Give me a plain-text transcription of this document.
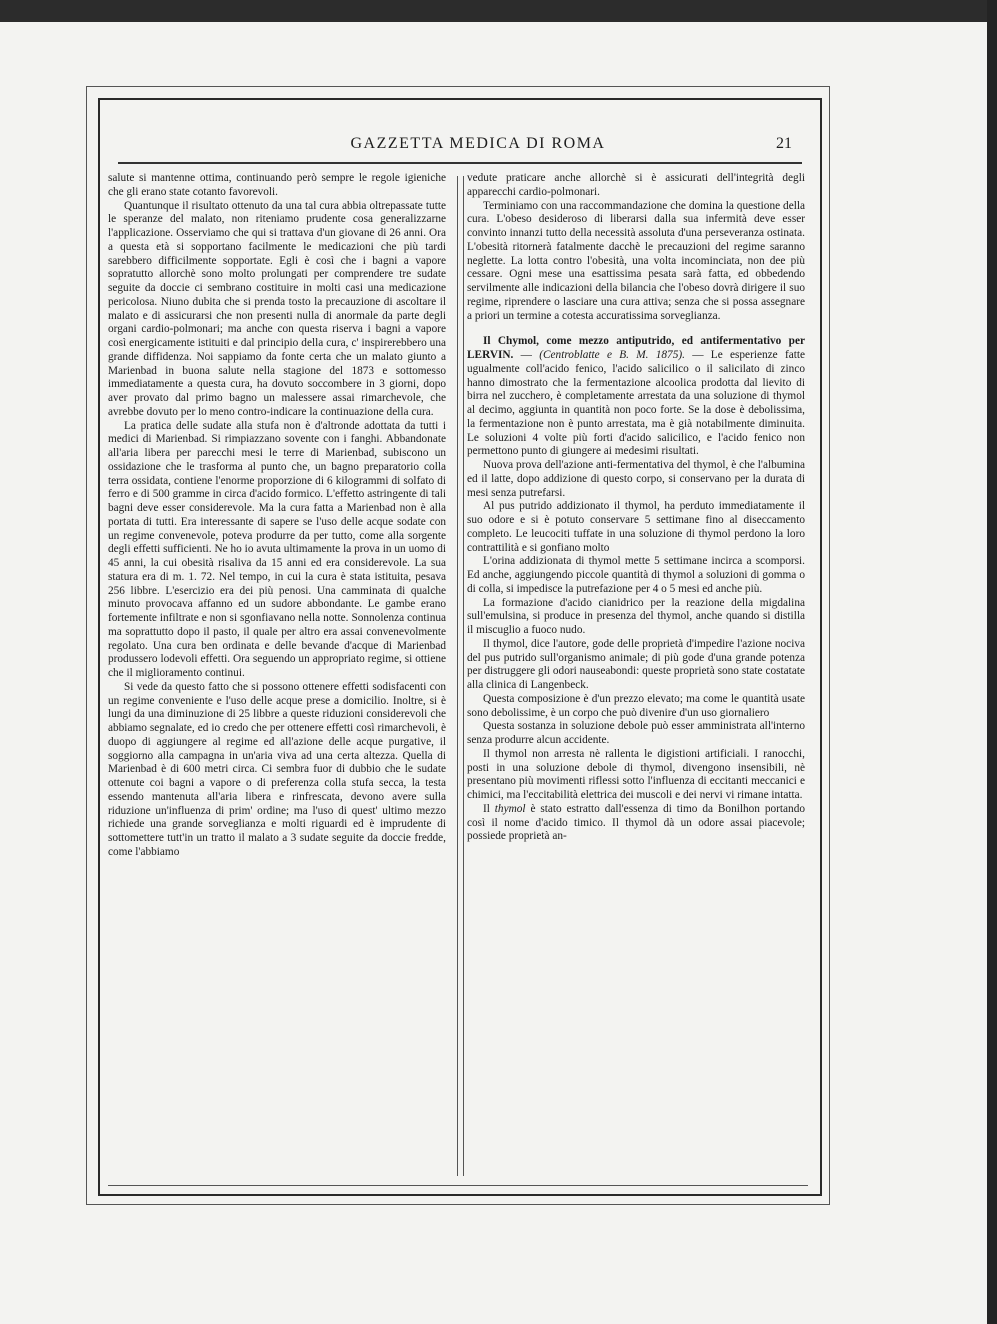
GAZZETTA MEDICA DI ROMA	21

salute si mantenne ottima, continuando però sempre le regole igieniche che gli erano state cotanto favorevoli.

Quantunque il risultato ottenuto da una tal cura abbia oltrepassate tutte le speranze del malato, non riteniamo prudente cosa generalizzarne l'applicazione. Osserviamo che qui si trattava d'un giovane di 26 anni. Ora a questa età si sopportano facilmente le medicazioni che più tardi sarebbero difficilmente sopportate. Egli è così che i bagni a vapore sopratutto allorchè sono molto prolungati per comprendere tre sudate seguite da doccie ci sembrano costituire in molti casi una medicazione pericolosa. Niuno dubita che si prenda tosto la precauzione di ascoltare il malato e di assicurarsi che non presenti nulla di anormale da parte degli organi cardio-polmonari; ma anche con questa riserva i bagni a vapore così energicamente istituiti e dal principio della cura, c' inspirerebbero una grande diffidenza. Noi sappiamo da fonte certa che un malato giunto a Marienbad in buona salute nella stagione del 1873 e sottomesso immediatamente a questa cura, ha dovuto soccombere in 3 giorni, dopo aver provato dal primo bagno un malessere assai rimarchevole, che avrebbe dovuto per lo meno contro-indicare la continuazione della cura.

La pratica delle sudate alla stufa non è d'altronde adottata da tutti i medici di Marienbad. Si rimpiazzano sovente con i fanghi. Abbandonate all'aria libera per parecchi mesi le terre di Marienbad, subiscono un ossidazione che le trasforma al punto che, un bagno preparatorio colla terra ossidata, contiene l'enorme proporzione di 6 kilogrammi di solfato di ferro e di 500 gramme in circa d'acido formico. L'effetto astringente di tali bagni deve esser considerevole. Ma la cura fatta a Marienbad non è alla portata di tutti. Era interessante di sapere se l'uso delle acque sodate con un regime convenevole, poteva produrre da per tutto, come alla sorgente degli effetti sufficienti. Ne ho io avuta ultimamente la prova in un uomo di 45 anni, la cui obesità risaliva da 15 anni ed era considerevole. La sua statura era di m. 1. 72. Nel tempo, in cui la cura è stata istituita, pesava 256 libbre. L'esercizio era dei più penosi. Una camminata di qualche minuto provocava affanno ed un sudore abbondante. Le gambe erano fortemente infiltrate e non si sgonfiavano nella notte. Sonnolenza continua ma soprattutto dopo il pasto, il quale per altro era assai convenevolmente regolato. Una cura ben ordinata e delle bevande d'acque di Marienbad produssero lodevoli effetti. Ora seguendo un appropriato regime, si ottiene che il miglioramento continui.

Si vede da questo fatto che si possono ottenere effetti sodisfacenti con un regime conveniente e l'uso delle acque prese a domicilio. Inoltre, si è lungi da una diminuzione di 25 libbre a queste riduzioni considerevoli che abbiamo segnalate, ed io credo che per ottenere effetti così rimarchevoli, è duopo di aggiungere al regime ed all'azione delle acque purgative, il soggiorno alla campagna in un'aria viva ad una certa altezza. Quella di Marienbad è di 600 metri circa. Ci sembra fuor di dubbio che le sudate ottenute coi bagni a vapore o di preferenza colla stufa secca, la testa essendo mantenuta all'aria libera e rinfrescata, devono avere sulla riduzione un'influenza di prim' ordine; ma l'uso di quest' ultimo mezzo richiede una grande sorveglianza e molti riguardi ed è imprudente di sottomettere tutt'in un tratto il malato a 3 sudate seguite da doccie fredde, come l'abbiamo

vedute praticare anche allorchè si è assicurati dell'integrità degli apparecchi cardio-polmonari.

Terminiamo con una raccommandazione che domina la questione della cura. L'obeso desideroso di liberarsi dalla sua infermità deve esser convinto innanzi tutto della necessità assoluta d'una perseveranza ostinata. L'obesità ritornerà fatalmente dacchè le precauzioni del regime saranno neglette. La lotta contro l'obesità, una volta incominciata, non dee più cessare. Ogni mese una esattissima pesata sarà fatta, ed obbedendo servilmente alle indicazioni della bilancia che l'obeso dovrà dirigere il suo regime, riprendere o lasciare una cura attiva; senza che si possa assegnare a priori un termine a cotesta accuratissima sorveglianza.

Il Chymol, come mezzo antiputrido, ed antifermentativo per LERVIN. — (Centroblatte e B. M. 1875). — Le esperienze fatte ugualmente coll'acido fenico, l'acido salicilico o il salicilato di zinco hanno dimostrato che la fermentazione alcoolica prodotta dal lievito di birra nel zucchero, è completamente arrestata da una soluzione di thymol al decimo, aggiunta in quantità non poco forte. Se la dose è debolissima, la fermentazione non è punto arrestata, ma è già notabilmente diminuita. Le soluzioni 4 volte più forti d'acido salicilico, e l'acido fenico non permettono punto di giungere ai medesimi risultati.

Nuova prova dell'azione anti-fermentativa del thymol, è che l'albumina ed il latte, dopo addizione di questo corpo, si conservano per la durata di mesi senza putrefarsi.

Al pus putrido addizionato il thymol, ha perduto immediatamente il suo odore e si è potuto conservare 5 settimane fino al diseccamento completo. Le leucociti tuffate in una soluzione di thymol perdono la loro contrattilità e si gonfiano molto

L'orina addizionata di thymol mette 5 settimane incirca a scomporsi. Ed anche, aggiungendo piccole quantità di thymol a soluzioni di gomma o di colla, si impedisce la putrefazione per 4 o 5 mesi ed anche più.

La formazione d'acido cianidrico per la reazione della migdalina sull'emulsina, si produce in presenza del thymol, anche quando si distilla il miscuglio a fuoco nudo.

Il thymol, dice l'autore, gode delle proprietà d'impedire l'azione nociva del pus putrido sull'organismo animale; di più gode d'una grande potenza per distruggere gli odori nauseabondi: queste proprietà sono state costatate alla clinica di Langenbeck.

Questa composizione è d'un prezzo elevato; ma come le quantità usate sono debolissime, è un corpo che può divenire d'un uso giornaliero

Questa sostanza in soluzione debole può esser amministrata all'interno senza produrre alcun accidente.

Il thymol non arresta nè rallenta le digistioni artificiali. I ranocchi, posti in una soluzione debole di thymol, divengono insensibili, nè presentano più movimenti riflessi sotto l'influenza di eccitanti meccanici e chimici, ma l'eccitabilità elettrica dei muscoli e dei nervi vi rimane intatta.

Il thymol è stato estratto dall'essenza di timo da Bonilhon portando così il nome d'acido timico. Il thymol dà un odore assai piacevole; possiede proprietà an-
